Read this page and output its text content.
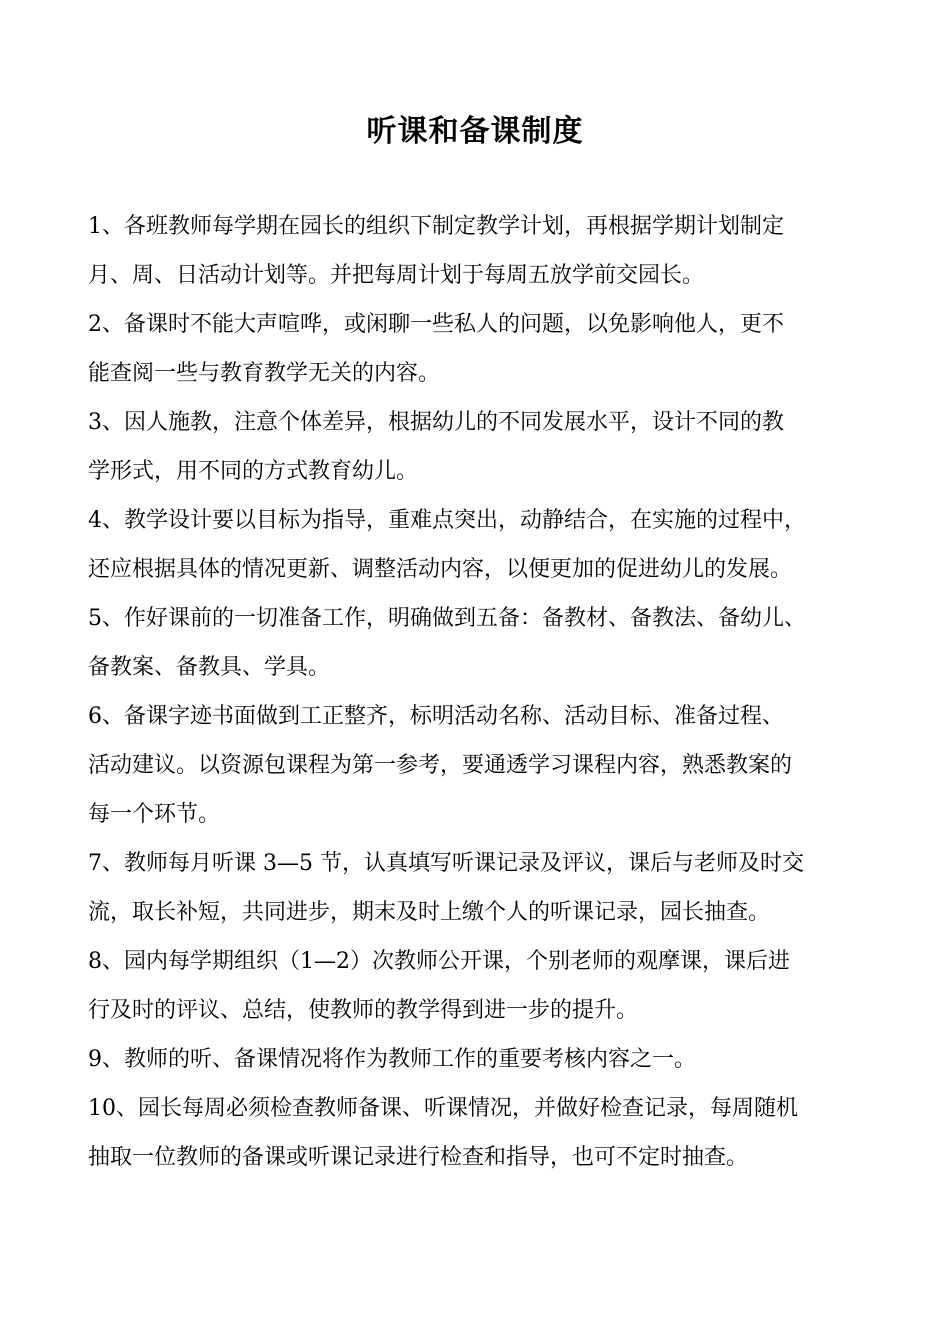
听课和备课制度
1、各班教师每学期在园长的组织下制定教学计划，再根据学期计划制定
月、周、日活动计划等。并把每周计划于每周五放学前交园长。
2、备课时不能大声喧哗，或闲聊一些私人的问题，以免影响他人，更不
能查阅一些与教育教学无关的内容。
3、因人施教，注意个体差异，根据幼儿的不同发展水平，设计不同的教
学形式，用不同的方式教育幼儿。
4、教学设计要以目标为指导，重难点突出，动静结合，在实施的过程中，
还应根据具体的情况更新、调整活动内容，以便更加的促进幼儿的发展。
5、作好课前的一切准备工作，明确做到五备：备教材、备教法、备幼儿、
备教案、备教具、学具。
6、备课字迹书面做到工正整齐，标明活动名称、活动目标、准备过程、
活动建议。以资源包课程为第一参考，要通透学习课程内容，熟悉教案的
每一个环节。
7、教师每月听课 3—5 节，认真填写听课记录及评议，课后与老师及时交
流，取长补短，共同进步，期末及时上缴个人的听课记录，园长抽查。
8、园内每学期组织（1—2）次教师公开课，个别老师的观摩课，课后进
行及时的评议、总结，使教师的教学得到进一步的提升。
9、教师的听、备课情况将作为教师工作的重要考核内容之一。
10、园长每周必须检查教师备课、听课情况，并做好检查记录，每周随机
抽取一位教师的备课或听课记录进行检查和指导，也可不定时抽查。
